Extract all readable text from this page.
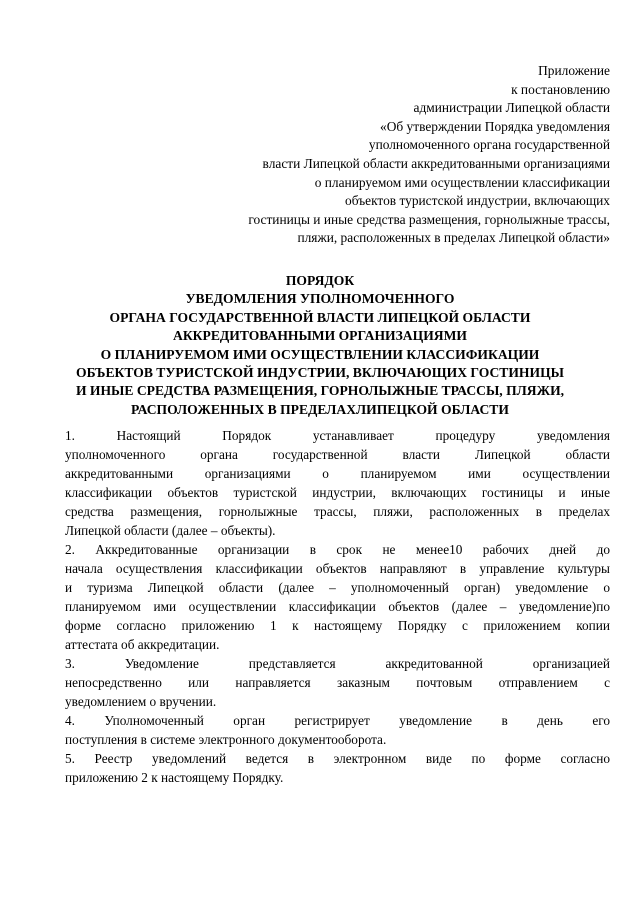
Приложение
к постановлению
администрации Липецкой области
«Об утверждении Порядка уведомления
уполномоченного органа государственной
власти Липецкой области аккредитованными организациями
о планируемом ими осуществлении классификации
объектов туристской индустрии, включающих
гостиницы и иные средства размещения, горнолыжные трассы,
пляжи, расположенных в пределах Липецкой области»
ПОРЯДОК
УВЕДОМЛЕНИЯ УПОЛНОМОЧЕННОГО
ОРГАНА ГОСУДАРСТВЕННОЙ ВЛАСТИ ЛИПЕЦКОЙ ОБЛАСТИ
АККРЕДИТОВАННЫМИ ОРГАНИЗАЦИЯМИ
О ПЛАНИРУЕМОМ ИМИ ОСУЩЕСТВЛЕНИИ КЛАССИФИКАЦИИ
ОБЪЕКТОВ ТУРИСТСКОЙ ИНДУСТРИИ, ВКЛЮЧАЮЩИХ ГОСТИНИЦЫ
И ИНЫЕ СРЕДСТВА РАЗМЕЩЕНИЯ, ГОРНОЛЫЖНЫЕ ТРАССЫ, ПЛЯЖИ,
РАСПОЛОЖЕННЫХ В ПРЕДЕЛАХЛИПЕЦКОЙ ОБЛАСТИ
1. Настоящий Порядок устанавливает процедуру уведомления
уполномоченного органа государственной власти Липецкой области
аккредитованными организациями о планируемом ими осуществлении
классификации объектов туристской индустрии, включающих гостиницы и иные
средства размещения, горнолыжные трассы, пляжи, расположенных в пределах
Липецкой области (далее – объекты).
2. Аккредитованные организации в срок не менее10 рабочих дней до
начала осуществления классификации объектов направляют в управление культуры
и туризма Липецкой области (далее – уполномоченный орган) уведомление о
планируемом ими осуществлении классификации объектов (далее – уведомление)по
форме согласно приложению 1 к настоящему Порядку с приложением копии
аттестата об аккредитации.
3. Уведомление представляется аккредитованной организацией
непосредственно или направляется заказным почтовым отправлением с
уведомлением о вручении.
4. Уполномоченный орган регистрирует уведомление в день его
поступления в системе электронного документооборота.
5. Реестр уведомлений ведется в электронном виде по форме согласно
приложению 2 к настоящему Порядку.
